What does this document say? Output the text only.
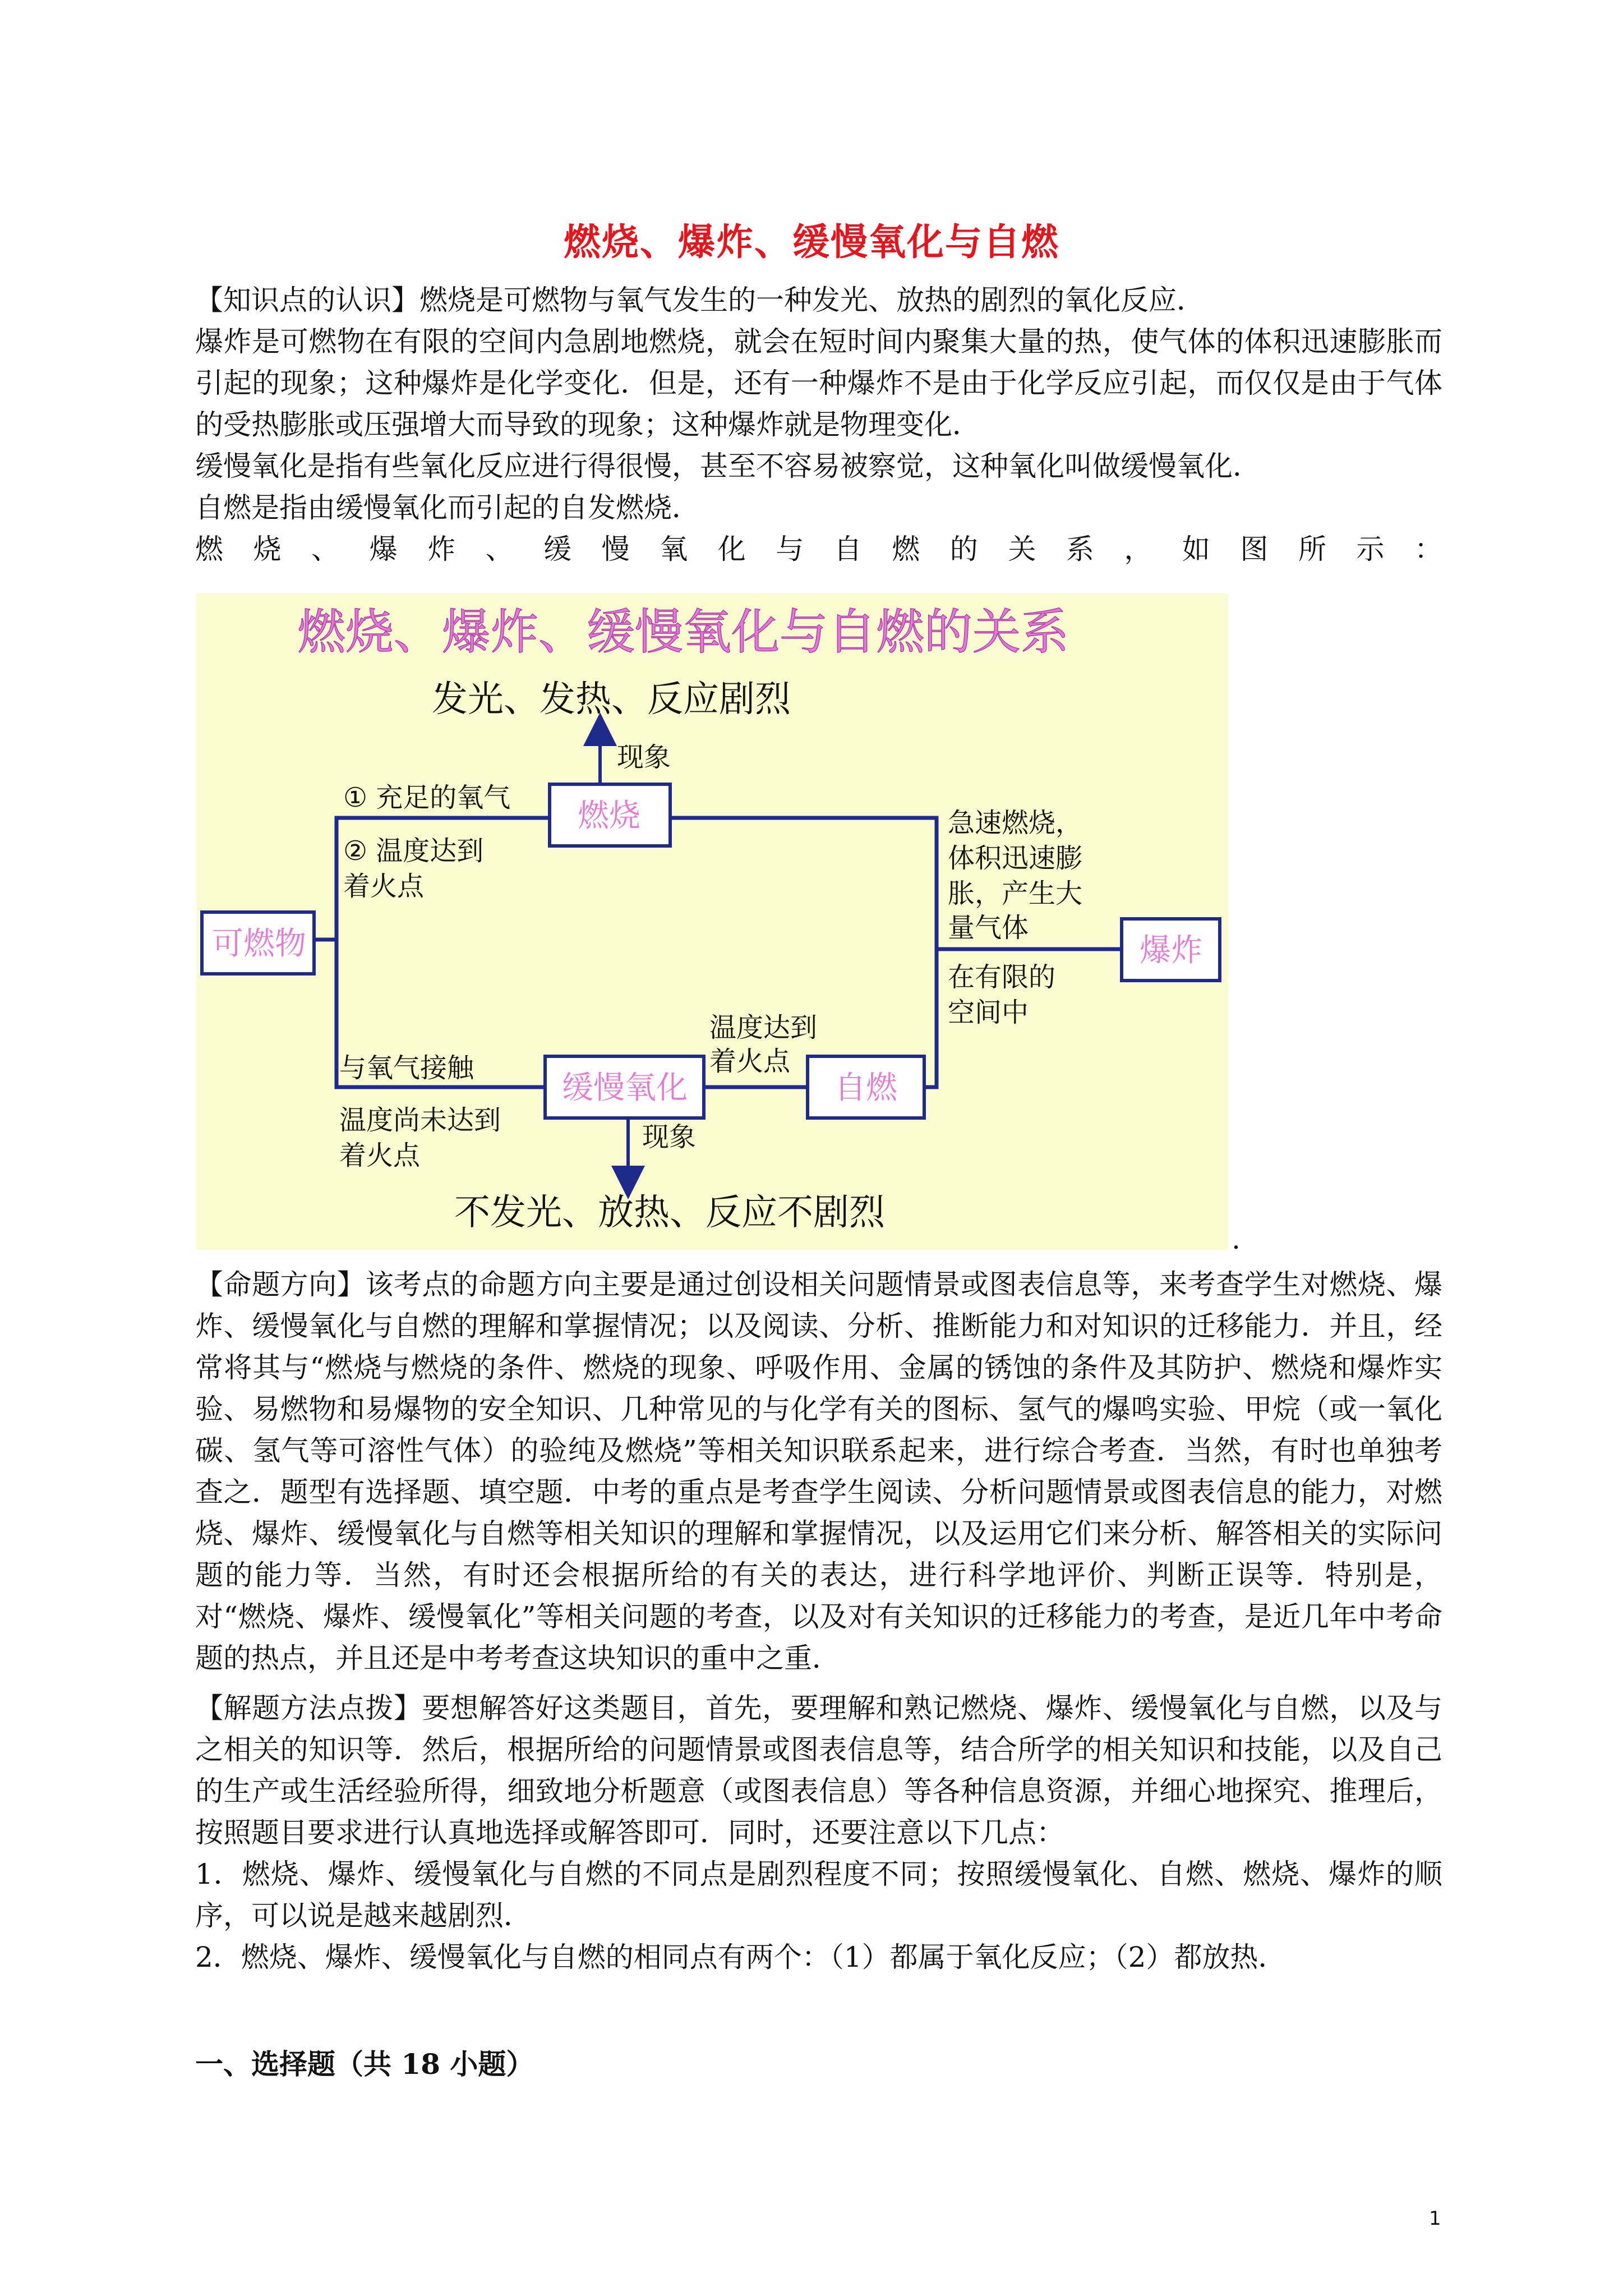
燃烧、爆炸、缓慢氧化与自燃

【知识点的认识】燃烧是可燃物与氧气发生的一种发光、放热的剧烈的氧化反应．

爆炸是可燃物在有限的空间内急剧地燃烧，就会在短时间内聚集大量的热，使气体的体积迅速膨胀而引起的现象；这种爆炸是化学变化．但是，还有一种爆炸不是由于化学反应引起，而仅仅是由于气体的受热膨胀或压强增大而导致的现象；这种爆炸就是物理变化．

缓慢氧化是指有些氧化反应进行得很慢，甚至不容易被察觉，这种氧化叫做缓慢氧化．

自燃是指由缓慢氧化而引起的自发燃烧．

燃烧、爆炸、缓慢氧化与自燃的关系，如图所示：

燃烧、爆炸、缓慢氧化与自燃的关系
发光、发热、反应剧烈
现象
燃烧
可燃物	爆炸
缓慢氧化	自燃
① 充足的氧气
② 温度达到
着火点
急速燃烧，
体积迅速膨
胀，产生大
量气体
在有限的
空间中
温度达到
着火点
与氧气接触
温度尚未达到
着火点
现象
不发光、放热、反应不剧烈
.

【命题方向】该考点的命题方向主要是通过创设相关问题情景或图表信息等，来考查学生对燃烧、爆炸、缓慢氧化与自燃的理解和掌握情况；以及阅读、分析、推断能力和对知识的迁移能力．并且，经常将其与“燃烧与燃烧的条件、燃烧的现象、呼吸作用、金属的锈蚀的条件及其防护、燃烧和爆炸实验、易燃物和易爆物的安全知识、几种常见的与化学有关的图标、氢气的爆鸣实验、甲烷（或一氧化碳、氢气等可溶性气体）的验纯及燃烧”等相关知识联系起来，进行综合考查．当然，有时也单独考查之．题型有选择题、填空题．中考的重点是考查学生阅读、分析问题情景或图表信息的能力，对燃烧、爆炸、缓慢氧化与自燃等相关知识的理解和掌握情况，以及运用它们来分析、解答相关的实际问题的能力等．当然，有时还会根据所给的有关的表达，进行科学地评价、判断正误等．特别是，对“燃烧、爆炸、缓慢氧化”等相关问题的考查，以及对有关知识的迁移能力的考查，是近几年中考命题的热点，并且还是中考考查这块知识的重中之重．

【解题方法点拨】要想解答好这类题目，首先，要理解和熟记燃烧、爆炸、缓慢氧化与自燃，以及与之相关的知识等．然后，根据所给的问题情景或图表信息等，结合所学的相关知识和技能，以及自己的生产或生活经验所得，细致地分析题意（或图表信息）等各种信息资源，并细心地探究、推理后，按照题目要求进行认真地选择或解答即可．同时，还要注意以下几点：

1．燃烧、爆炸、缓慢氧化与自燃的不同点是剧烈程度不同；按照缓慢氧化、自燃、燃烧、爆炸的顺序，可以说是越来越剧烈．

2．燃烧、爆炸、缓慢氧化与自燃的相同点有两个：（1）都属于氧化反应；（2）都放热．

一、选择题（共 18 小题）
1
